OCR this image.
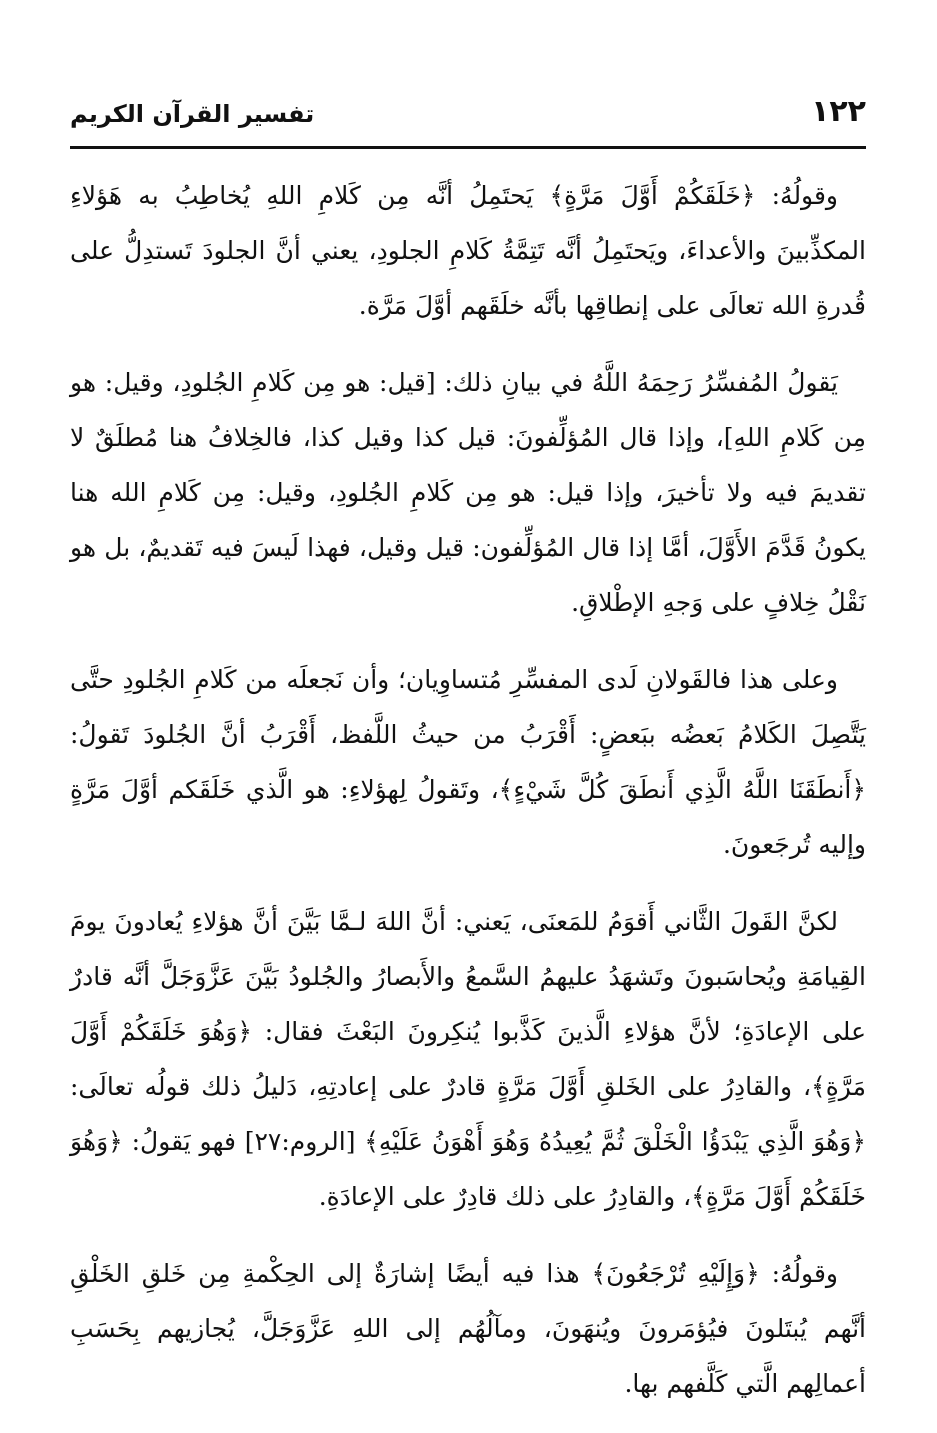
١٢٢
تفسير القرآن الكريم

وقولُهُ: ﴿خَلَقَكُمْ أَوَّلَ مَرَّةٍ﴾ يَحتَمِلُ أنَّه مِن كَلامِ اللهِ يُخاطِبُ به هَؤلاءِ المكذِّبينَ والأعداءَ، ويَحتَمِلُ أنَّه تَتِمَّةُ كَلامِ الجلودِ، يعني أنَّ الجلودَ تَستدِلُّ على قُدرةِ الله تعالَى على إنطاقِها بأنَّه خلَقَهم أوَّلَ مَرَّة.

يَقولُ المُفسِّرُ رَحِمَهُ اللَّهُ في بيانِ ذلك: [قيل: هو مِن كَلامِ الجُلودِ، وقيل: هو مِن كَلامِ اللهِ]، وإذا قال المُؤلِّفونَ: قيل كذا وقيل كذا، فالخِلافُ هنا مُطلَقٌ لا تقديمَ فيه ولا تأخيرَ، وإذا قيل: هو مِن كَلامِ الجُلودِ، وقيل: مِن كَلامِ الله هنا يكونُ قَدَّمَ الأَوَّلَ، أمَّا إذا قال المُؤلِّفون: قيل وقيل، فهذا لَيسَ فيه تَقديمٌ، بل هو نَقْلُ خِلافٍ على وَجهِ الإطْلاقِ.

وعلى هذا فالقَولانِ لَدى المفسِّرِ مُتساوِيان؛ وأن نَجعلَه من كَلامِ الجُلودِ حتَّى يَتَّصِلَ الكَلامُ بَعضُه ببَعضٍ: أَقْرَبُ من حيثُ اللَّفظ، أَقْرَبُ أنَّ الجُلودَ تَقولُ: ﴿أَنطَقَنَا اللَّهُ الَّذِي أَنطَقَ كُلَّ شَيْءٍ﴾، وتَقولُ لِهؤلاءِ: هو الَّذي خَلَقَكم أوَّلَ مَرَّةٍ وإليه تُرجَعونَ.

لكنَّ القَولَ الثَّاني أَقوَمُ للمَعنَى، يَعني: أنَّ اللهَ لـمَّا بَيَّنَ أنَّ هؤلاءِ يُعادونَ يومَ القِيامَةِ ويُحاسَبونَ وتَشهَدُ عليهمُ السَّمعُ والأَبصارُ والجُلودُ بَيَّنَ عَزَّوَجَلَّ أنَّه قادرٌ على الإعادَةِ؛ لأنَّ هؤلاءِ الَّذينَ كَذَّبوا يُنكِرونَ البَعْثَ فقال: ﴿وَهُوَ خَلَقَكُمْ أَوَّلَ مَرَّةٍ﴾، والقادِرُ على الخَلقِ أَوَّلَ مَرَّةٍ قادرٌ على إعادتِهِ، دَليلُ ذلك قولُه تعالَى: ﴿وَهُوَ الَّذِي يَبْدَؤُا الْخَلْقَ ثُمَّ يُعِيدُهُ وَهُوَ أَهْوَنُ عَلَيْهِ﴾ [الروم:٢٧] فهو يَقولُ: ﴿وَهُوَ خَلَقَكُمْ أَوَّلَ مَرَّةٍ﴾، والقادِرُ على ذلك قادِرٌ على الإعادَةِ.

وقولُهُ: ﴿وَإِلَيْهِ تُرْجَعُونَ﴾ هذا فيه أيضًا إشارَةٌ إلى الحِكْمةِ مِن خَلقِ الخَلْقِ أنَّهم يُبتَلونَ فيُؤمَرونَ ويُنهَونَ، ومآلُهُم إلى اللهِ عَزَّوَجَلَّ، يُجازيهم بِحَسَبِ أعمالِهم الَّتي كَلَّفهم بها.
